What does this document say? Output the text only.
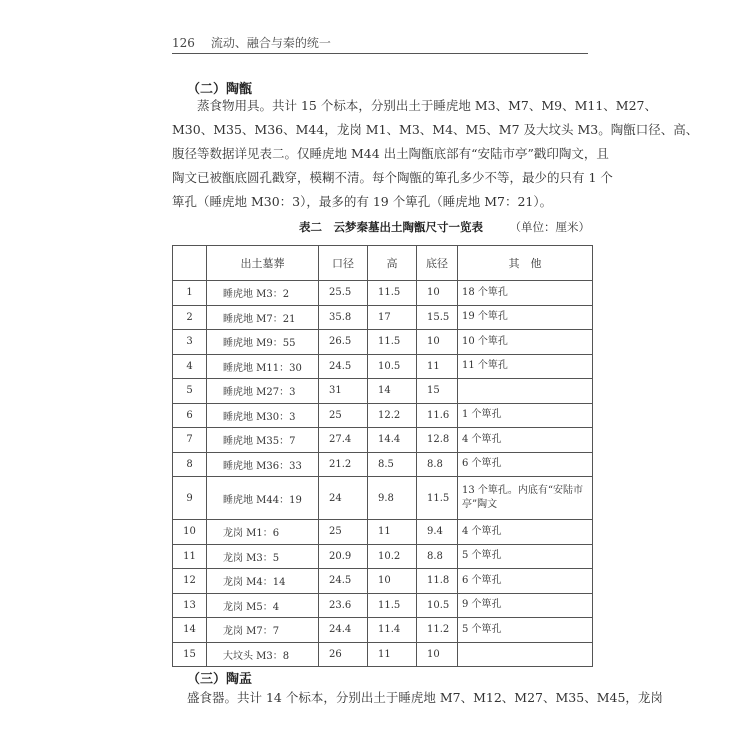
126 流动、融合与秦的统一
（二）陶甑
蒸食物用具。共计 15 个标本，分别出土于睡虎地 M3、M7、M9、M11、M27、
M30、M35、M36、M44，龙岗 M1、M3、M4、M5、M7 及大坟头 M3。陶甑口径、高、
腹径等数据详见表二。仅睡虎地 M44 出土陶甑底部有“安陆市亭”戳印陶文，且
陶文已被甑底圆孔戳穿，模糊不清。每个陶甑的箄孔多少不等，最少的只有 1 个
箄孔（睡虎地 M30：3），最多的有 19 个箄孔（睡虎地 M7：21）。
表二　云梦秦墓出土陶甑尺寸一览表 （单位：厘米）
	出土墓葬	口径	高	底径	其　他
1	睡虎地 M3：2	25.5	11.5	10	18 个箄孔
2	睡虎地 M7：21	35.8	17	15.5	19 个箄孔
3	睡虎地 M9：55	26.5	11.5	10	10 个箄孔
4	睡虎地 M11：30	24.5	10.5	11	11 个箄孔
5	睡虎地 M27：3	31	14	15	
6	睡虎地 M30：3	25	12.2	11.6	1 个箄孔
7	睡虎地 M35：7	27.4	14.4	12.8	4 个箄孔
8	睡虎地 M36：33	21.2	8.5	8.8	6 个箄孔
9	睡虎地 M44：19	24	9.8	11.5	13 个箄孔。内底有“安陆市亭”陶文
10	龙岗 M1：6	25	11	9.4	4 个箄孔
11	龙岗 M3：5	20.9	10.2	8.8	5 个箄孔
12	龙岗 M4：14	24.5	10	11.8	6 个箄孔
13	龙岗 M5：4	23.6	11.5	10.5	9 个箄孔
14	龙岗 M7：7	24.4	11.4	11.2	5 个箄孔
15	大坟头 M3：8	26	11	10	
（三）陶盂
盛食器。共计 14 个标本，分别出土于睡虎地 M7、M12、M27、M35、M45，龙岗
